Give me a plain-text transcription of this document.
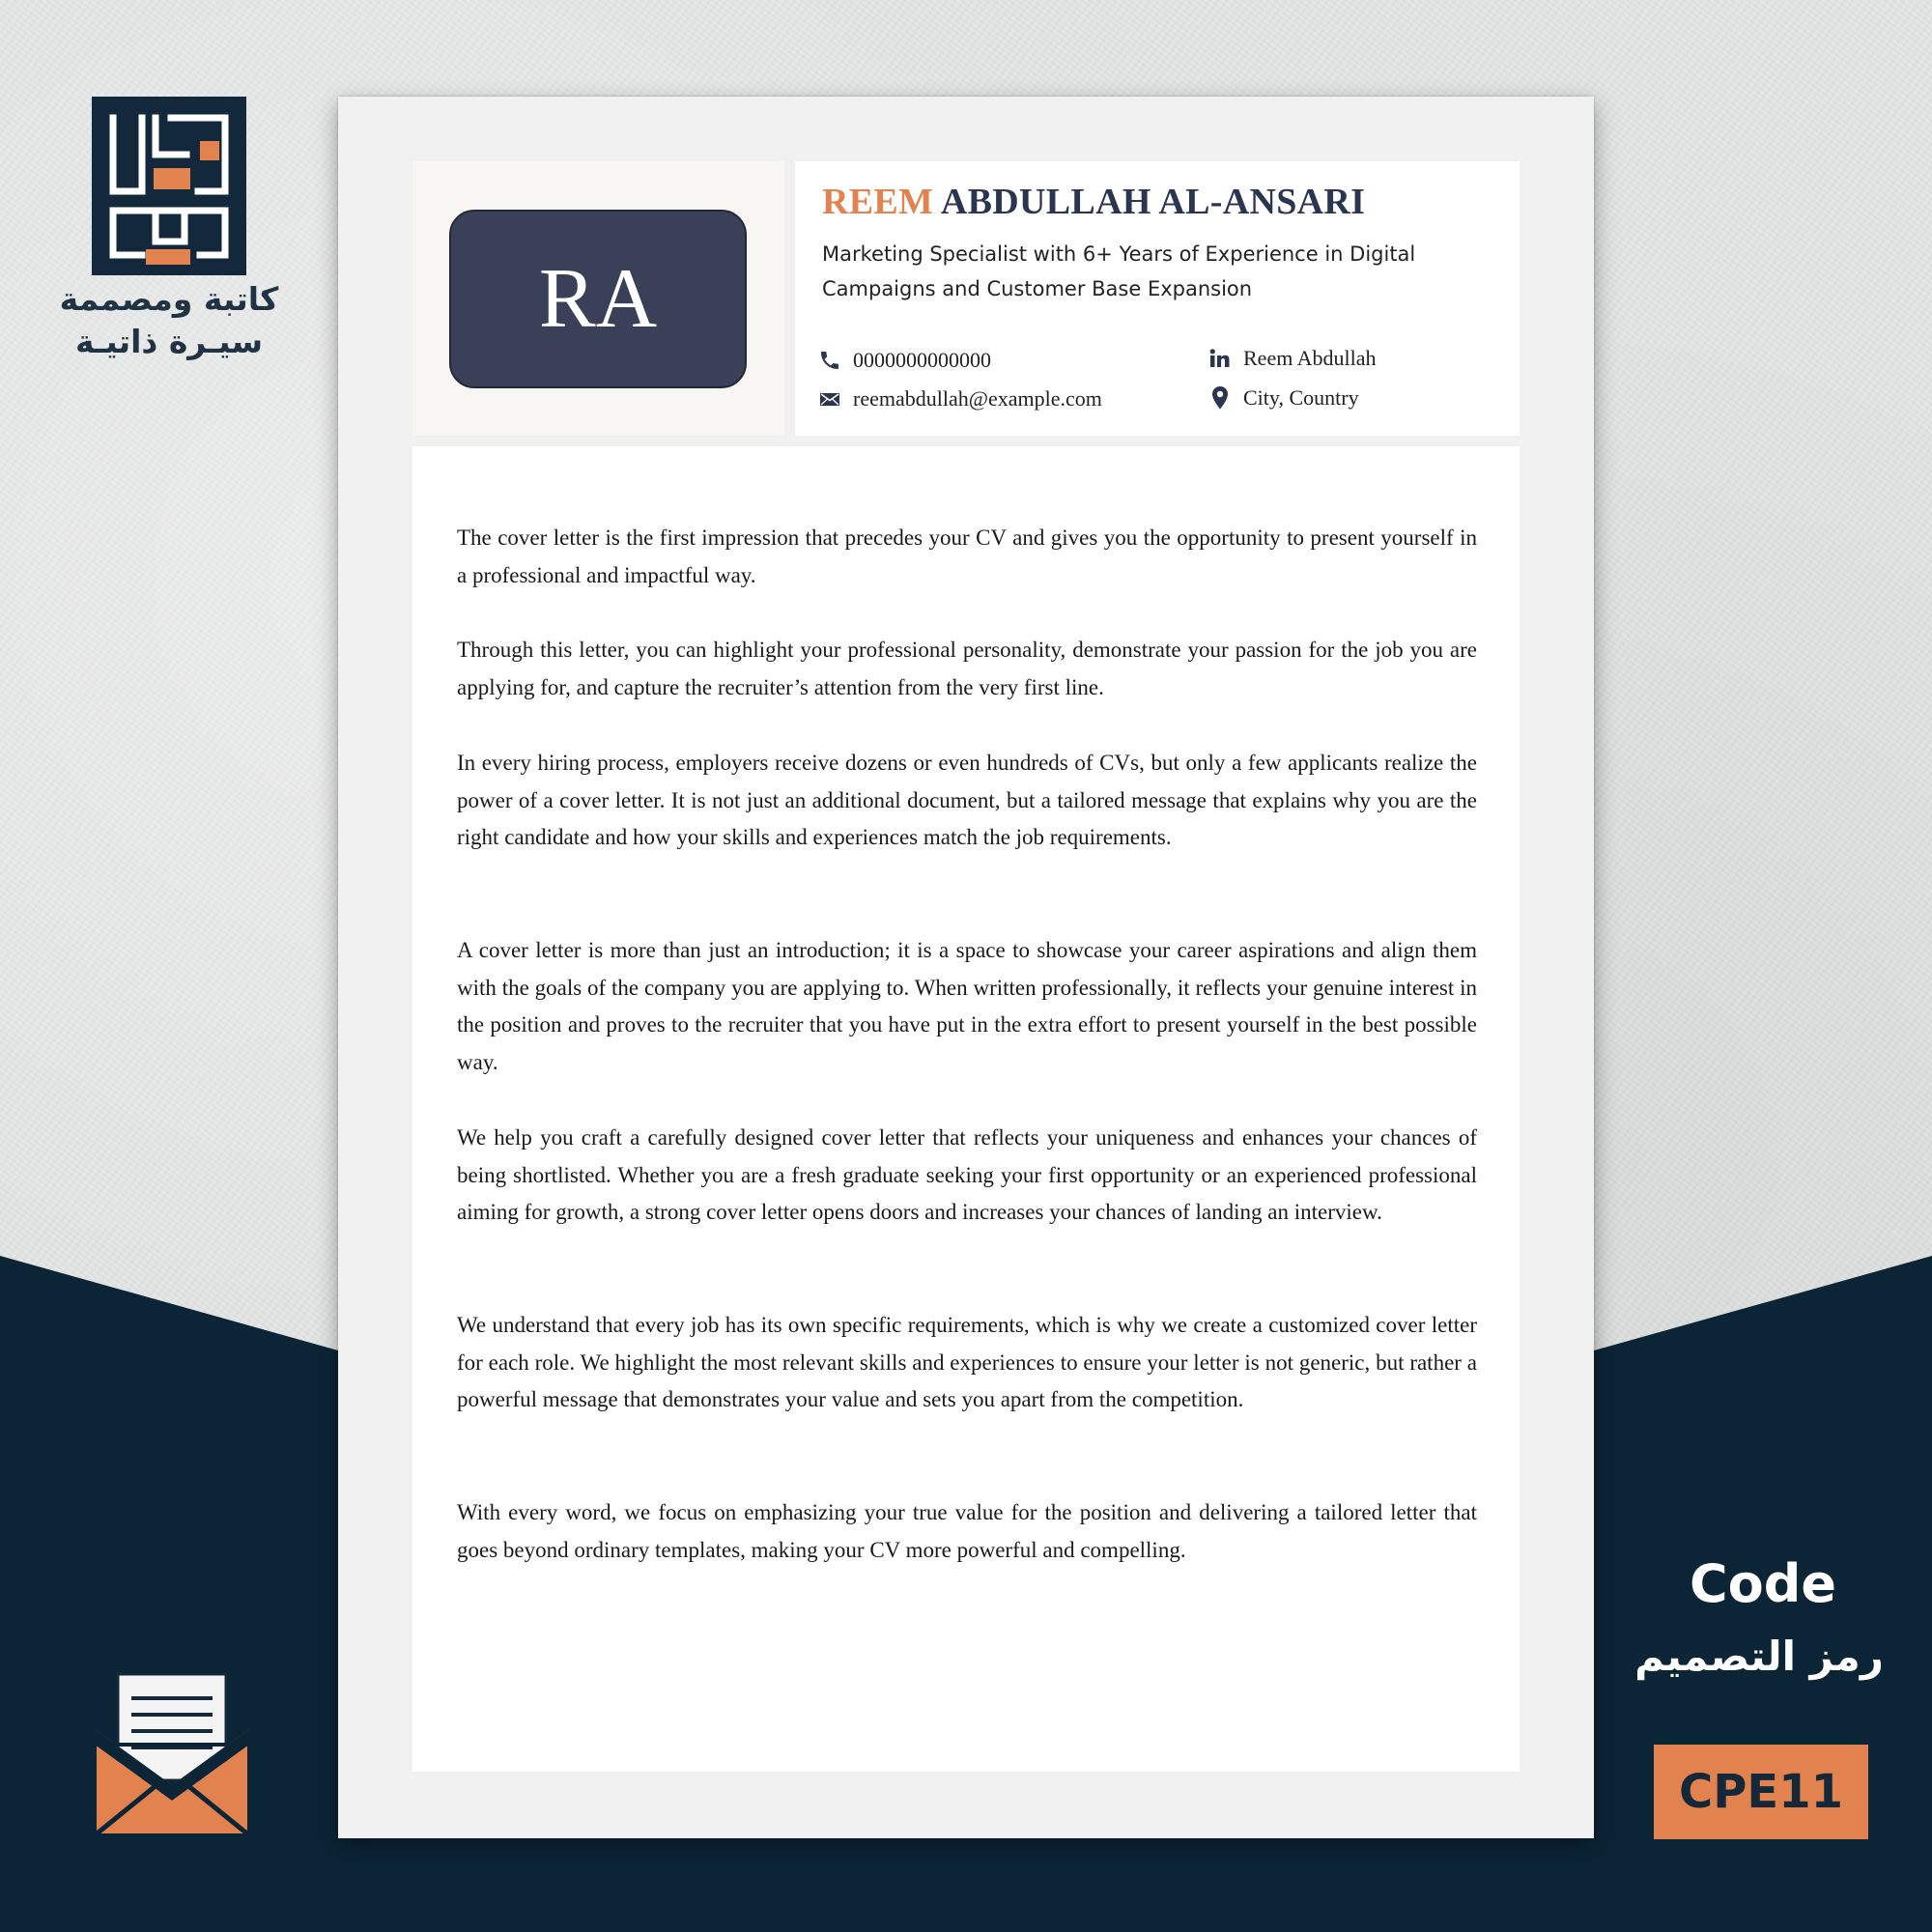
كاتبة ومصممة
سيـرة ذاتيـة	RA
REEM ABDULLAH AL-ANSARI
Marketing Specialist with 6+ Years of Experience in Digital
Campaigns and Customer Base Expansion
0000000000000
reemabdullah@example.com
Reem Abdullah
City, Country

The cover letter is the first impression that precedes your CV and gives you the opportunity to present yourself in a professional and impactful way.

Through this letter, you can highlight your professional personality, demonstrate your passion for the job you are applying for, and capture the recruiter’s attention from the very first line.

In every hiring process, employers receive dozens or even hundreds of CVs, but only a few applicants realize the power of a cover letter. It is not just an additional document, but a tailored message that explains why you are the right candidate and how your skills and experiences match the job requirements.

A cover letter is more than just an introduction; it is a space to showcase your career aspirations and align them with the goals of the company you are applying to. When written professionally, it reflects your genuine interest in the position and proves to the recruiter that you have put in the extra effort to present yourself in the best possible way.

We help you craft a carefully designed cover letter that reflects your uniqueness and enhances your chances of being shortlisted. Whether you are a fresh graduate seeking your first opportunity or an experienced professional aiming for growth, a strong cover letter opens doors and increases your chances of landing an interview.

We understand that every job has its own specific requirements, which is why we create a customized cover letter for each role. We highlight the most relevant skills and experiences to ensure your letter is not generic, but rather a powerful message that demonstrates your value and sets you apart from the competition.

With every word, we focus on emphasizing your true value for the position and delivering a tailored letter that goes beyond ordinary templates, making your CV more powerful and compelling.

Code
رمز التصميم
CPE11
